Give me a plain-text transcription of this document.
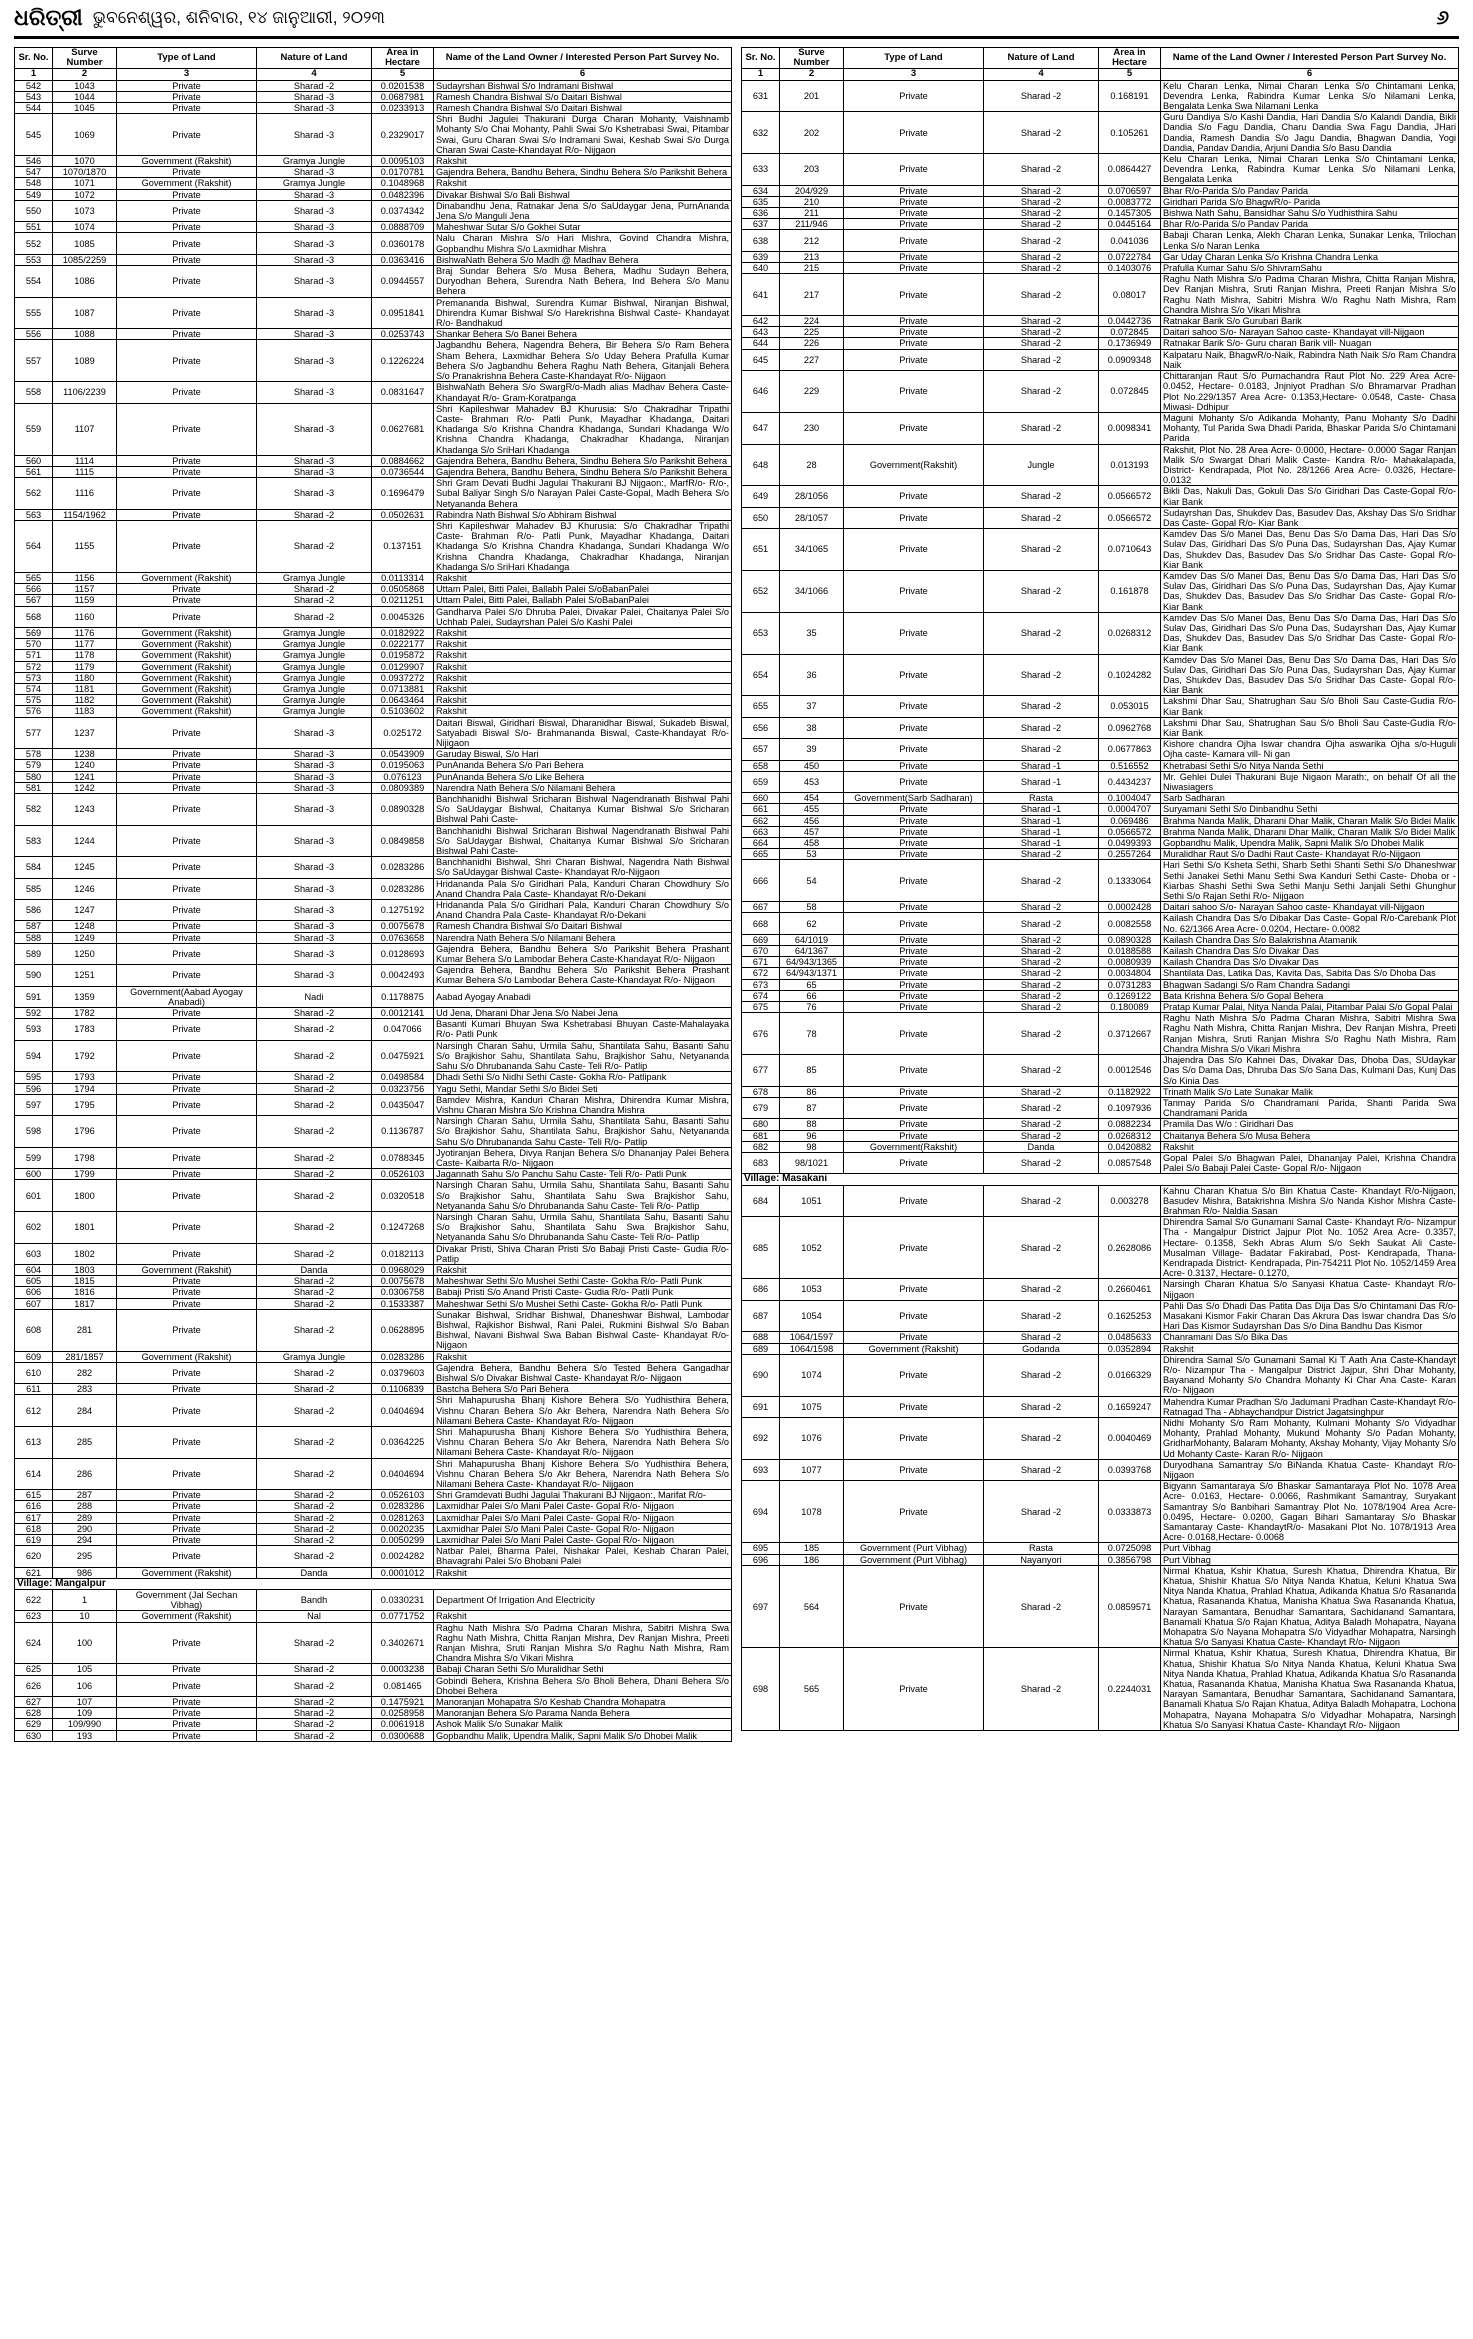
ଧରିତ୍ରୀ ଭୁବନେଶ୍ୱର, ଶନିବାର, ୧୪ ଜାନୁଆରୀ, ୨୦୨୩	୬
Sr. No.	Surve Number	Type of Land	Nature of Land	Area in Hectare	Name of the Land Owner / Interested Person Part Survey No.
1	2	3	4	5	6
542	1043	Private	Sharad -2	0.0201538	Sudayrshan Bishwal S/o Indramani Bishwal
543	1044	Private	Sharad -3	0.0687981	Ramesh Chandra Bishwal S/o Daitari Bishwal
544	1045	Private	Sharad -3	0.0233913	Ramesh Chandra Bishwal S/o Daitari Bishwal
545	1069	Private	Sharad -3	0.2329017	Shri Budhi Jagulei Thakurani Durga Charan Mohanty, Vaishnamb Mohanty S/o Chai Mohanty, Pahli Swai S/o Kshetrabasi Swai, Pitambar Swai, Guru Charan Swai S/o Indramani Swai, Keshab Swai S/o Durga Charan Swai Caste-Khandayat R/o- Nijgaon
546	1070	Government (Rakshit)	Gramya Jungle	0.0095103	Rakshit
547	1070/1870	Private	Sharad -3	0.0170781	Gajendra Behera, Bandhu Behera, Sindhu Behera S/o Parikshit Behera
548	1071	Government (Rakshit)	Gramya Jungle	0.1048968	Rakshit
549	1072	Private	Sharad -3	0.0482396	Divakar Bishwal S/o Bali Bishwal
550	1073	Private	Sharad -3	0.0374342	Dinabandhu Jena, Ratnakar Jena S/o SaUdaygar Jena, PurnAnanda Jena S/o Manguli Jena
551	1074	Private	Sharad -3	0.0888709	Maheshwar Sutar S/o Gokhei Sutar
552	1085	Private	Sharad -3	0.0360178	Nalu Charan Mishra S/o Hari Mishra, Govind Chandra Mishra, Gopbandhu Mishra S/o Laxmidhar Mishra
553	1085/2259	Private	Sharad -3	0.0363416	BishwaNath Behera S/o Madh @ Madhav Behera
554	1086	Private	Sharad -3	0.0944557	Braj Sundar Behera S/o Musa Behera, Madhu Sudayn Behera, Duryodhan Behera, Surendra Nath Behera, Ind Behera S/o Manu Behera
555	1087	Private	Sharad -3	0.0951841	Premananda Bishwal, Surendra Kumar Bishwal, Niranjan Bishwal, Dhirendra Kumar Bishwal S/o Harekrishna Bishwal Caste- Khandayat R/o- Bandhakud
556	1088	Private	Sharad -3	0.0253743	Shankar Behera S/o Banei Behera
557	1089	Private	Sharad -3	0.1226224	Jagbandhu Behera, Nagendra Behera, Bir Behera S/o Ram Behera Sham Behera, Laxmidhar Behera S/o Uday Behera Prafulla Kumar Behera S/o Jagbandhu Behera Raghu Nath Behera, Gitanjali Behera S/o Pranakrishna Behera Caste-Khandayat R/o- Nijgaon
558	1106/2239	Private	Sharad -3	0.0831647	BishwaNath Behera S/o SwargR/o-Madh alias Madhav Behera Caste- Khandayat R/o- Gram-Koratpanga
559	1107	Private	Sharad -3	0.0627681	Shri Kapileshwar Mahadev BJ Khurusia: S/o Chakradhar Tripathi Caste- Brahman R/o- Patli Punk, Mayadhar Khadanga, Daitari Khadanga S/o Krishna Chandra Khadanga, Sundari Khadanga W/o Krishna Chandra Khadanga, Chakradhar Khadanga, Niranjan Khadanga S/o SriHari Khadanga
560	1114	Private	Sharad -3	0.0884662	Gajendra Behera, Bandhu Behera, Sindhu Behera S/o Parikshit Behera
561	1115	Private	Sharad -3	0.0736544	Gajendra Behera, Bandhu Behera, Sindhu Behera S/o Parikshit Behera
562	1116	Private	Sharad -3	0.1696479	Shri Gram Devati Budhi Jagulai Thakurani BJ Nijgaon:, MarfR/o- R/o-, Subal Baliyar Singh S/o Narayan Palei Caste-Gopal, Madh Behera S/o Netyananda Behera
563	1154/1962	Private	Sharad -2	0.0502631	Rabindra Nath Bishwal S/o Abhiram Bishwal
564	1155	Private	Sharad -2	0.137151	Shri Kapileshwar Mahadev BJ Khurusia: S/o Chakradhar Tripathi Caste- Brahman R/o- Patli Punk, Mayadhar Khadanga, Daitari Khadanga S/o Krishna Chandra Khadanga, Sundari Khadanga W/o Krishna Chandra Khadanga, Chakradhar Khadanga, Niranjan Khadanga S/o SriHari Khadanga
565	1156	Government (Rakshit)	Gramya Jungle	0.0113314	Rakshit
566	1157	Private	Sharad -2	0.0505868	Uttam Palei, Bitti Palei, Ballabh Palei S/oBabanPalei
567	1159	Private	Sharad -2	0.0211251	Uttam Palei, Bitti Palei, Ballabh Palei S/oBabanPalei
568	1160	Private	Sharad -2	0.0045326	Gandharva Palei S/o Dhruba Palei, Divakar Palei, Chaitanya Palei S/o Uchhab Palei, Sudayrshan Palei S/o Kashi Palei
569	1176	Government (Rakshit)	Gramya Jungle	0.0182922	Rakshit
570	1177	Government (Rakshit)	Gramya Jungle	0.0222177	Rakshit
571	1178	Government (Rakshit)	Gramya Jungle	0.0195872	Rakshit
572	1179	Government (Rakshit)	Gramya Jungle	0.0129907	Rakshit
573	1180	Government (Rakshit)	Gramya Jungle	0.0937272	Rakshit
574	1181	Government (Rakshit)	Gramya Jungle	0.0713881	Rakshit
575	1182	Government (Rakshit)	Gramya Jungle	0.0643464	Rakshit
576	1183	Government (Rakshit)	Gramya Jungle	0.5103602	Rakshit
577	1237	Private	Sharad -3	0.025172	Daitari Biswal, Giridhari Biswal, Dharanidhar Biswal, Sukadeb Biswal, Satyabadi Biswal S/o- Brahmananda Biswal, Caste-Khandayat R/o- Nijigaon
578	1238	Private	Sharad -3	0.0543909	Garuday Biswal, S/o Hari
579	1240	Private	Sharad -3	0.0195063	PunAnanda Behera S/o Pari Behera
580	1241	Private	Sharad -3	0.076123	PunAnanda Behera S/o Like Behera
581	1242	Private	Sharad -3	0.0809389	Narendra Nath Behera S/o Nilamani Behera
582	1243	Private	Sharad -3	0.0890328	Banchhanidhi Bishwal Sricharan Bishwal Nagendranath Bishwal Pahi S/o SaUdaygar Bishwal, Chaitanya Kumar Bishwal S/o Sricharan Bishwal Pahi Caste-
583	1244	Private	Sharad -3	0.0849858	Banchhanidhi Bishwal Sricharan Bishwal Nagendranath Bishwal Pahi S/o SaUdaygar Bishwal, Chaitanya Kumar Bishwal S/o Sricharan Bishwal Pahi Caste-
584	1245	Private	Sharad -3	0.0283286	Banchhanidhi Bishwal, Shri Charan Bishwal, Nagendra Nath Bishwal S/o SaUdaygar Bishwal Caste- Khandayat R/o-Nijgaon
585	1246	Private	Sharad -3	0.0283286	Hridananda Pala S/o Giridhari Pala, Kanduri Charan Chowdhury S/o Anand Chandra Pala Caste- Khandayat R/o-Dekani
586	1247	Private	Sharad -3	0.1275192	Hridananda Pala S/o Giridhari Pala, Kanduri Charan Chowdhury S/o Anand Chandra Pala Caste- Khandayat R/o-Dekani
587	1248	Private	Sharad -3	0.0075678	Ramesh Chandra Bishwal S/o Daitari Bishwal
588	1249	Private	Sharad -3	0.0763658	Narendra Nath Behera S/o Nilamani Behera
589	1250	Private	Sharad -3	0.0128693	Gajendra Behera, Bandhu Behera S/o Parikshit Behera Prashant Kumar Behera S/o Lambodar Behera Caste-Khandayat R/o- Nijgaon
590	1251	Private	Sharad -3	0.0042493	Gajendra Behera, Bandhu Behera S/o Parikshit Behera Prashant Kumar Behera S/o Lambodar Behera Caste-Khandayat R/o- Nijgaon
591	1359	Government(Aabad Ayogay Anabadi)	Nadi	0.1178875	Aabad Ayogay Anabadi
592	1782	Private	Sharad -2	0.0012141	Ud Jena, Dharani Dhar Jena S/o Nabei Jena
593	1783	Private	Sharad -2	0.047066	Basanti Kumari Bhuyan Swa Kshetrabasi Bhuyan Caste-Mahalayaka R/o- Patli Punk
594	1792	Private	Sharad -2	0.0475921	Narsingh Charan Sahu, Urmila Sahu, Shantilata Sahu, Basanti Sahu S/o Brajkishor Sahu, Shantilata Sahu, Brajkishor Sahu, Netyananda Sahu S/o Dhrubananda Sahu Caste- Teli R/o- Patlip
595	1793	Private	Sharad -2	0.0498584	Dhadi Sethi S/o Nidhi Sethi Caste- Gokha R/o- Patlipank
596	1794	Private	Sharad -2	0.0323756	Yagu Sethi, Mandar Sethi S/o Bidei Seti
597	1795	Private	Sharad -2	0.0435047	Bamdev Mishra, Kanduri Charan Mishra, Dhirendra Kumar Mishra, Vishnu Charan Mishra S/o Krishna Chandra Mishra
598	1796	Private	Sharad -2	0.1136787	Narsingh Charan Sahu, Urmila Sahu, Shantilata Sahu, Basanti Sahu S/o Brajkishor Sahu, Shantilata Sahu, Brajkishor Sahu, Netyananda Sahu S/o Dhrubananda Sahu Caste- Teli R/o- Patlip
599	1798	Private	Sharad -2	0.0788345	Jyotiranjan Behera, Divya Ranjan Behera S/o Dhananjay Palei Behera Caste- Kaibarta R/o- Nijgaon
600	1799	Private	Sharad -2	0.0526103	Jagannath Sahu S/o Panchu Sahu Caste- Teli R/o- Patli Punk
601	1800	Private	Sharad -2	0.0320518	Narsingh Charan Sahu, Urmila Sahu, Shantilata Sahu, Basanti Sahu S/o Brajkishor Sahu, Shantilata Sahu Swa Brajkishor Sahu, Netyananda Sahu S/o Dhrubananda Sahu Caste- Teli R/o- Patlip
602	1801	Private	Sharad -2	0.1247268	Narsingh Charan Sahu, Urmila Sahu, Shantilata Sahu, Basanti Sahu S/o Brajkishor Sahu, Shantilata Sahu Swa Brajkishor Sahu, Netyananda Sahu S/o Dhrubananda Sahu Caste- Teli R/o- Patlip
603	1802	Private	Sharad -2	0.0182113	Divakar Pristi, Shiva Charan Pristi S/o Babaji Pristi Caste- Gudia R/o- Patlip
604	1803	Government (Rakshit)	Danda	0.0968029	Rakshit
605	1815	Private	Sharad -2	0.0075678	Maheshwar Sethi S/o Mushei Sethi Caste- Gokha R/o- Patli Punk
606	1816	Private	Sharad -2	0.0306758	Babaji Pristi S/o Anand Pristi Caste- Gudia R/o- Patli Punk
607	1817	Private	Sharad -2	0.1533387	Maheshwar Sethi S/o Mushei Sethi Caste- Gokha R/o- Patli Punk
608	281	Private	Sharad -2	0.0628895	Sunakar Bishwal, Sridhar Bishwal, Dhaneshwar Bishwal, Lambodar Bishwal, Rajkishor Bishwal, Rani Palei, Rukmini Bishwal S/o Baban Bishwal, Navani Bishwal Swa Baban Bishwal Caste- Khandayat R/o- Nijgaon
609	281/1857	Government (Rakshit)	Gramya Jungle	0.0283286	Rakshit
610	282	Private	Sharad -2	0.0379603	Gajendra Behera, Bandhu Behera S/o Tested Behera Gangadhar Bishwal S/o Divakar Bishwal Caste- Khandayat R/o- Nijgaon
611	283	Private	Sharad -2	0.1106839	Bastcha Behera S/o Pari Behera
612	284	Private	Sharad -2	0.0404694	Shri Mahapurusha Bhanj Kishore Behera S/o Yudhisthira Behera, Vishnu Charan Behera S/o Akr Behera, Narendra Nath Behera S/o Nilamani Behera Caste- Khandayat R/o- Nijgaon
613	285	Private	Sharad -2	0.0364225	Shri Mahapurusha Bhanj Kishore Behera S/o Yudhisthira Behera, Vishnu Charan Behera S/o Akr Behera, Narendra Nath Behera S/o Nilamani Behera Caste- Khandayat R/o- Nijgaon
614	286	Private	Sharad -2	0.0404694	Shri Mahapurusha Bhanj Kishore Behera S/o Yudhisthira Behera, Vishnu Charan Behera S/o Akr Behera, Narendra Nath Behera S/o Nilamani Behera Caste- Khandayat R/o- Nijgaon
615	287	Private	Sharad -2	0.0526103	Shri Gramdevati Budhi Jagulai Thakurani BJ Nijgaon:, Marifat R/o-
616	288	Private	Sharad -2	0.0283286	Laxmidhar Palei S/o Mani Palei Caste- Gopal R/o- Nijgaon
617	289	Private	Sharad -2	0.0281263	Laxmidhar Palei S/o Mani Palei Caste- Gopal R/o- Nijgaon
618	290	Private	Sharad -2	0.0020235	Laxmidhar Palei S/o Mani Palei Caste- Gopal R/o- Nijgaon
619	294	Private	Sharad -2	0.0050299	Laxmidhar Palei S/o Mani Palei Caste- Gopal R/o- Nijgaon
620	295	Private	Sharad -2	0.0024282	Natbar Palei, Bharma Palei, Nishakar Palei, Keshab Charan Palei, Bhavagrahi Palei S/o Bhobani Palei
621	986	Government (Rakshit)	Danda	0.0001012	Rakshit
Village: Mangalpur					
622	1	Government (Jal Sechan Vibhag)	Bandh	0.0330231	Department Of Irrigation And Electricity
623	10	Government (Rakshit)	Nal	0.0771752	Rakshit
624	100	Private	Sharad -2	0.3402671	Raghu Nath Mishra S/o Padma Charan Mishra, Sabitri Mishra Swa Raghu Nath Mishra, Chitta Ranjan Mishra, Dev Ranjan Mishra, Preeti Ranjan Mishra, Sruti Ranjan Mishra S/o Raghu Nath Mishra, Ram Chandra Mishra S/o Vikari Mishra
625	105	Private	Sharad -2	0.0003238	Babaji Charan Sethi S/o Muralidhar Sethi
626	106	Private	Sharad -2	0.081465	Gobindi Behera, Krishna Behera S/o Bholi Behera, Dhani Behera S/o Dhobei Behera
627	107	Private	Sharad -2	0.1475921	Manoranjan Mohapatra S/o Keshab Chandra Mohapatra
628	109	Private	Sharad -2	0.0258958	Manoranjan Behera S/o Parama Nanda Behera
629	109/990	Private	Sharad -2	0.0061918	Ashok Malik S/o Sunakar Malik
630	193	Private	Sharad -2	0.0300688	Gopbandhu Malik, Upendra Malik, Sapni Malik S/o Dhobei Malik
Sr. No.	Surve Number	Type of Land	Nature of Land	Area in Hectare	Name of the Land Owner / Interested Person Part Survey No.
1	2	3	4	5	6
631	201	Private	Sharad -2	0.168191	Kelu Charan Lenka, Nimai Charan Lenka S/o Chintamani Lenka, Devendra Lenka, Rabindra Kumar Lenka S/o Nilamani Lenka, Bengalata Lenka Swa Nilamani Lenka
632	202	Private	Sharad -2	0.105261	Guru Dandiya S/o Kashi Dandia, Hari Dandia S/o Kalandi Dandia, Bikli Dandia S/o Fagu Dandia, Charu Dandia Swa Fagu Dandia, JHari Dandia, Ramesh Dandia S/o Jagu Dandia, Bhagwan Dandia, Yogi Dandia, Pandav Dandia, Arjuni Dandia S/o Basu Dandia
633	203	Private	Sharad -2	0.0864427	Kelu Charan Lenka, Nimai Charan Lenka S/o Chintamani Lenka, Devendra Lenka, Rabindra Kumar Lenka S/o Nilamani Lenka, Bengalata Lenka
634	204/929	Private	Sharad -2	0.0706597	Bhar R/o-Parida S/o Pandav Parida
635	210	Private	Sharad -2	0.0083772	Giridhari Parida S/o BhagwR/o- Parida
636	211	Private	Sharad -2	0.1457305	Bishwa Nath Sahu, Bansidhar Sahu S/o Yudhisthira Sahu
637	211/946	Private	Sharad -2	0.0445164	Bhar R/o-Parida S/o Pandav Parida
638	212	Private	Sharad -2	0.041036	Babaji Charan Lenka, Alekh Charan Lenka, Sunakar Lenka, Trilochan Lenka S/o Naran Lenka
639	213	Private	Sharad -2	0.0722784	Gar Uday Charan Lenka S/o Krishna Chandra Lenka
640	215	Private	Sharad -2	0.1403076	Prafulla Kumar Sahu S/o ShivramSahu
641	217	Private	Sharad -2	0.08017	Raghu Nath Mishra S/o Padma Charan Mishra, Chitta Ranjan Mishra, Dev Ranjan Mishra, Sruti Ranjan Mishra, Preeti Ranjan Mishra S/o Raghu Nath Mishra, Sabitri Mishra W/o Raghu Nath Mishra, Ram Chandra Mishra S/o Vikari Mishra
642	224	Private	Sharad -2	0.0442736	Ratnakar Barik S/o Gurubari Barik
643	225	Private	Sharad -2	0.072845	Daitari sahoo S/o- Narayan Sahoo caste- Khandayat vill-Nijgaon
644	226	Private	Sharad -2	0.1736949	Ratnakar Barik S/o- Guru charan Barik vill- Nuagan
645	227	Private	Sharad -2	0.0909348	Kalpataru Naik, BhagwR/o-Naik, Rabindra Nath Naik S/o Ram Chandra Naik
646	229	Private	Sharad -2	0.072845	Chittaranjan Raut S/o Purnachandra Raut Plot No. 229 Area Acre- 0.0452, Hectare- 0.0183, Jnjniyot Pradhan S/o Bhramarvar Pradhan Plot No.229/1357 Area Acre- 0.1353,Hectare- 0.0548, Caste- Chasa Miwasi- Ddhipur
647	230	Private	Sharad -2	0.0098341	Maguni Mohanty S/o Adikanda Mohanty, Panu Mohanty S/o Dadhi Mohanty, Tul Parida Swa Dhadi Parida, Bhaskar Parida S/o Chintamani Parida
648	28	Government(Rakshit)	Jungle	0.013193	Rakshit, Plot No. 28 Area Acre- 0.0000, Hectare- 0.0000 Sagar Ranjan Malik S/o Swargat Dhari Malik Caste- Kandra R/o- Mahakalapada, District- Kendrapada, Plot No. 28/1266 Area Acre- 0.0326, Hectare- 0.0132
649	28/1056	Private	Sharad -2	0.0566572	Bikli Das, Nakuli Das, Gokuli Das S/o Giridhari Das Caste-Gopal R/o- Kiar Bank
650	28/1057	Private	Sharad -2	0.0566572	Sudayrshan Das, Shukdev Das, Basudev Das, Akshay Das S/o Sridhar Das Caste- Gopal R/o- Kiar Bank
651	34/1065	Private	Sharad -2	0.0710643	Kamdev Das S/o Manei Das, Benu Das S/o Dama Das, Hari Das S/o Sulav Das, Giridhari Das S/o Puna Das, Sudayrshan Das, Ajay Kumar Das, Shukdev Das, Basudev Das S/o Sridhar Das Caste- Gopal R/o- Kiar Bank
652	34/1066	Private	Sharad -2	0.161878	Kamdev Das S/o Manei Das, Benu Das S/o Dama Das, Hari Das S/o Sulav Das, Giridhari Das S/o Puna Das, Sudayrshan Das, Ajay Kumar Das, Shukdev Das, Basudev Das S/o Sridhar Das Caste- Gopal R/o- Kiar Bank
653	35	Private	Sharad -2	0.0268312	Kamdev Das S/o Manei Das, Benu Das S/o Dama Das, Hari Das S/o Sulav Das, Giridhari Das S/o Puna Das, Sudayrshan Das, Ajay Kumar Das, Shukdev Das, Basudev Das S/o Sridhar Das Caste- Gopal R/o- Kiar Bank
654	36	Private	Sharad -2	0.1024282	Kamdev Das S/o Manei Das, Benu Das S/o Dama Das, Hari Das S/o Sulav Das, Giridhari Das S/o Puna Das, Sudayrshan Das, Ajay Kumar Das, Shukdev Das, Basudev Das S/o Sridhar Das Caste- Gopal R/o- Kiar Bank
655	37	Private	Sharad -2	0.053015	Lakshmi Dhar Sau, Shatrughan Sau S/o Bholi Sau Caste-Gudia R/o- Kiar Bank
656	38	Private	Sharad -2	0.0962768	Lakshmi Dhar Sau, Shatrughan Sau S/o Bholi Sau Caste-Gudia R/o- Kiar Bank
657	39	Private	Sharad -2	0.0677863	Kishore chandra Ojha Iswar chandra Ojha aswarika Ojha s/o-Huguli Ojha caste- Kamara vill- Ni gan
658	450	Private	Sharad -1	0.516552	Khetrabasi Sethi S/o Nitya Nanda Sethi
659	453	Private	Sharad -1	0.4434237	Mr. Gehlei Dulei Thakurani Buje Nigaon Marath:, on behalf Of all the Niwasiagers
660	454	Government(Sarb Sadharan)	Rasta	0.1004047	Sarb Sadharan
661	455	Private	Sharad -1	0.0004707	Suryamani Sethi S/o Dinbandhu Sethi
662	456	Private	Sharad -1	0.069486	Brahma Nanda Malik, Dharani Dhar Malik, Charan Malik S/o Bidei Malik
663	457	Private	Sharad -1	0.0566572	Brahma Nanda Malik, Dharani Dhar Malik, Charan Malik S/o Bidei Malik
664	458	Private	Sharad -1	0.0499393	Gopbandhu Malik, Upendra Malik, Sapni Malik S/o Dhobei Malik
665	53	Private	Sharad -2	0.2557264	Muralidhar Raut S/o Dadhi Raut Caste- Khandayat R/o-Nijgaon
666	54	Private	Sharad -2	0.1333064	Hari Sethi S/o Ksheta Sethi, Sharb Sethi Shanti Sethi S/o Dhaneshwar Sethi Janakei Sethi Manu Sethi Swa Kanduri Sethi Caste- Dhoba or - Kiarbas Shashi Sethi Swa Sethi Manju Sethi Janjali Sethi Ghunghur Sethi S/o Rajan Sethi R/o- Nijgaon
667	58	Private	Sharad -2	0.0002428	Daitari sahoo S/o- Narayan Sahoo caste- Khandayat vill-Nijgaon
668	62	Private	Sharad -2	0.0082558	Kailash Chandra Das S/o Dibakar Das Caste- Gopal R/o-Carebank Plot No. 62/1366 Area Acre- 0.0204, Hectare- 0.0082
669	64/1019	Private	Sharad -2	0.0890328	Kailash Chandra Das S/o Balakrishna Atamanik
670	64/1367	Private	Sharad -2	0.0188588	Kailash Chandra Das S/o Divakar Das
671	64/943/1365	Private	Sharad -2	0.0080939	Kailash Chandra Das S/o Divakar Das
672	64/943/1371	Private	Sharad -2	0.0034804	Shantilata Das, Latika Das, Kavita Das, Sabita Das S/o Dhoba Das
673	65	Private	Sharad -2	0.0731283	Bhagwan Sadangi S/o Ram Chandra Sadangi
674	66	Private	Sharad -2	0.1269122	Bata Krishna Behera S/o Gopal Behera
675	76	Private	Sharad -2	0.180089	Pratap Kumar Palai, Nitya Nanda Palai, Pitambar Palai S/o Gopal Palai
676	78	Private	Sharad -2	0.3712667	Raghu Nath Mishra S/o Padma Charan Mishra, Sabitri Mishra Swa Raghu Nath Mishra, Chitta Ranjan Mishra, Dev Ranjan Mishra, Preeti Ranjan Mishra, Sruti Ranjan Mishra S/o Raghu Nath Mishra, Ram Chandra Mishra S/o Vikari Mishra
677	85	Private	Sharad -2	0.0012546	Jhajendra Das S/o Kahnei Das, Divakar Das, Dhoba Das, SUdaykar Das S/o Dama Das, Dhruba Das S/o Sana Das, Kulmani Das, Kunj Das S/o Kinia Das
678	86	Private	Sharad -2	0.1182922	Trinath Malik S/o Late Sunakar Malik
679	87	Private	Sharad -2	0.1097936	Tanmay Parida S/o Chandramani Parida, Shanti Parida Swa Chandramani Parida
680	88	Private	Sharad -2	0.0882234	Pramila Das W/o : Giridhari Das
681	96	Private	Sharad -2	0.0268312	Chaitanya Behera S/o Musa Behera
682	98	Government(Rakshit)	Danda	0.0420882	Rakshit
683	98/1021	Private	Sharad -2	0.0857548	Gopal Palei S/o Bhagwan Palei, Dhananjay Palei, Krishna Chandra Palei S/o Babaji Palei Caste- Gopal R/o- Nijgaon
Village: Masakani					
684	1051	Private	Sharad -2	0.003278	Kahnu Charan Khatua S/o Bin Khatua Caste- Khandayt R/o-Nijgaon, Basudev Mishra, Batakrishna Mishra S/o Nanda Kishor Mishra Caste- Brahman R/o- Naldia Sasan
685	1052	Private	Sharad -2	0.2628086	Dhirendra Samal S/o Gunamani Samal Caste- Khandayt R/o- Nizampur Tha - Mangalpur District Jajpur Plot No. 1052 Area Acre- 0.3357, Hectare- 0.1358, Sekh Abras Alum S/o Sekh Saukat Ali Caste- Musalman Village- Badatar Fakirabad, Post- Kendrapada, Thana-Kendrapada District- Kendrapada, Pin-754211 Plot No. 1052/1459 Area Acre- 0.3137, Hectare- 0.1270,
686	1053	Private	Sharad -2	0.2660461	Narsingh Charan Khatua S/o Sanyasi Khatua Caste- Khandayt R/o- Nijgaon
687	1054	Private	Sharad -2	0.1625253	Pahli Das S/o Dhadi Das Patita Das Dija Das S/o Chintamani Das R/o- Masakani Kismor Fakir Charan Das Akrura Das Iswar chandra Das S/o Hari Das Kismor Sudayrshan Das S/o Dina Bandhu Das Kismor
688	1064/1597	Private	Sharad -2	0.0485633	Chanramani Das S/o Bika Das
689	1064/1598	Government (Rakshit)	Godanda	0.0352894	Rakshit
690	1074	Private	Sharad -2	0.0166329	Dhirendra Samal S/o Gunamani Samal Ki T Aath Ana Caste-Khandayt R/o- Nizampur Tha - Mangalpur District Jajpur, Shri Dhar Mohanty, Bayanand Mohanty S/o Chandra Mohanty Ki Char Ana Caste- Karan R/o- Nijgaon
691	1075	Private	Sharad -2	0.1659247	Mahendra Kumar Pradhan S/o Jadumani Pradhan Caste-Khandayt R/o- Ratnagad Tha - Abhaychandpur District Jagatsinghpur
692	1076	Private	Sharad -2	0.0040469	Nidhi Mohanty S/o Ram Mohanty, Kulmani Mohanty S/o Vidyadhar Mohanty, Prahlad Mohanty, Mukund Mohanty S/o Padan Mohanty, GridharMohanty, Balaram Mohanty, Akshay Mohanty, Vijay Mohanty S/o Ud Mohanty Caste- Karan R/o- Nijgaon
693	1077	Private	Sharad -2	0.0393768	Duryodhana Samantray S/o BiNanda Khatua Caste- Khandayt R/o- Nijgaon
694	1078	Private	Sharad -2	0.0333873	Bigyann Samantaraya S/o Bhaskar Samantaraya Plot No. 1078 Area Acre- 0.0163, Hectare- 0.0066, Rashmikant Samantray, Suryakant Samantray S/o Banbihari Samantray Plot No. 1078/1904 Area Acre- 0.0495, Hectare- 0.0200, Gagan Bihari Samantaray S/o Bhaskar Samantaray Caste- KhandaytR/o- Masakani Plot No. 1078/1913 Area Acre- 0.0168,Hectare- 0.0068
695	185	Government (Purt Vibhag)	Rasta	0.0725098	Purt Vibhag
696	186	Government (Purt Vibhag)	Nayanyori	0.3856798	Purt Vibhag
697	564	Private	Sharad -2	0.0859571	Nirmal Khatua, Kshir Khatua, Suresh Khatua, Dhirendra Khatua, Bir Khatua, Shishir Khatua S/o Nitya Nanda Khatua, Keluni Khatua Swa Nitya Nanda Khatua, Prahlad Khatua, Adikanda Khatua S/o Rasananda Khatua, Rasananda Khatua, Manisha Khatua Swa Rasananda Khatua, Narayan Samantara, Benudhar Samantara, Sachidanand Samantara, Banamali Khatua S/o Rajan Khatua, Aditya Baladh Mohapatra, Nayana Mohapatra S/o Nayana Mohapatra S/o Vidyadhar Mohapatra, Narsingh Khatua S/o Sanyasi Khatua Caste- Khandayt R/o- Nijgaon
698	565	Private	Sharad -2	0.2244031	Nirmal Khatua, Kshir Khatua, Suresh Khatua, Dhirendra Khatua, Bir Khatua, Shishir Khatua S/o Nitya Nanda Khatua, Keluni Khatua Swa Nitya Nanda Khatua, Prahlad Khatua, Adikanda Khatua S/o Rasananda Khatua, Rasananda Khatua, Manisha Khatua Swa Rasananda Khatua, Narayan Samantara, Benudhar Samantara, Sachidanand Samantara, Banamali Khatua S/o Rajan Khatua, Aditya Baladh Mohapatra, Lochona Mohapatra, Nayana Mohapatra S/o Vidyadhar Mohapatra, Narsingh Khatua S/o Sanyasi Khatua Caste- Khandayt R/o- Nijgaon
